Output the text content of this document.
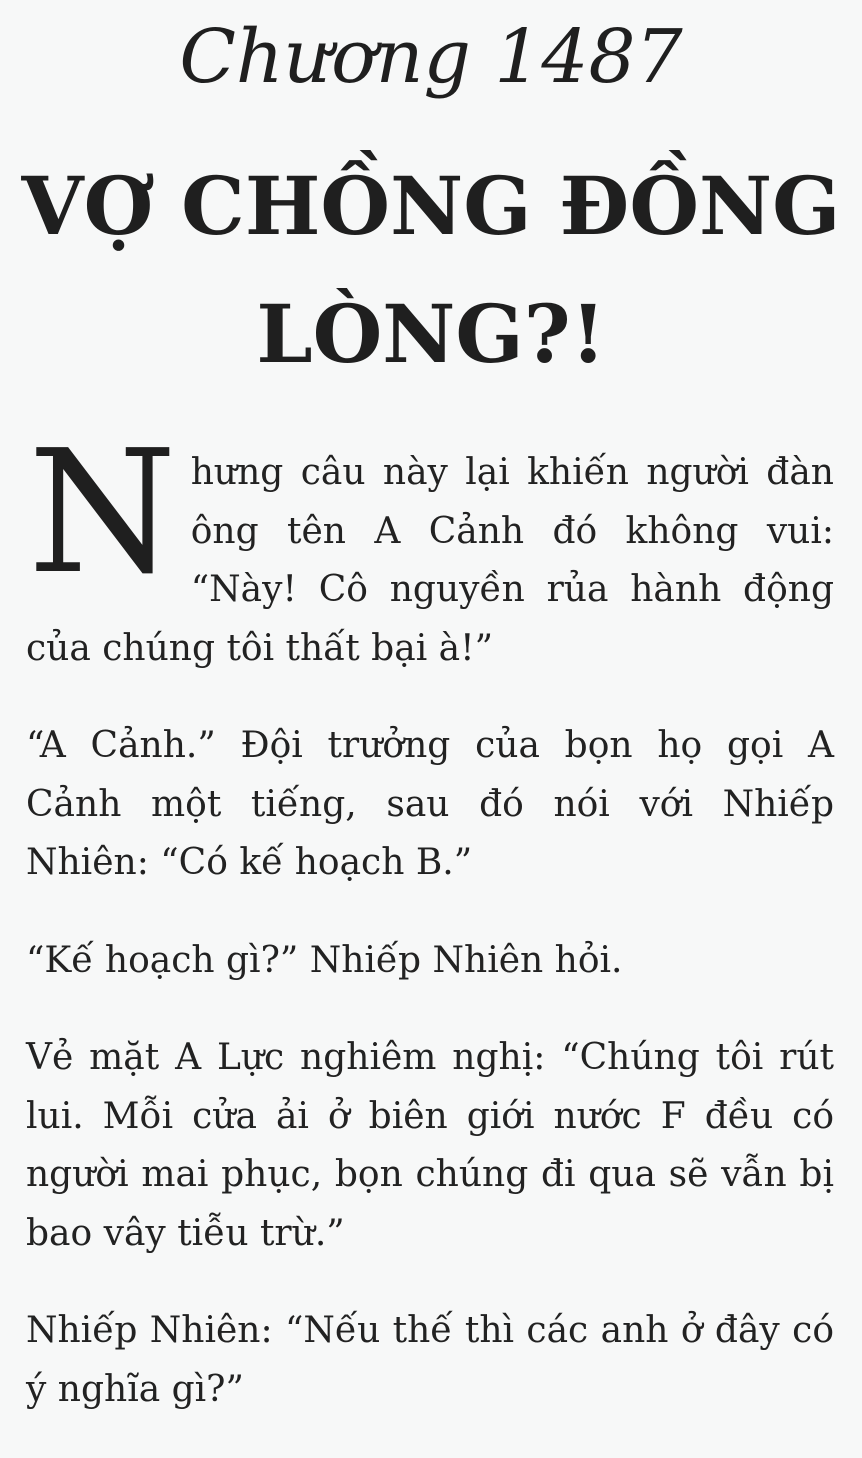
Chương 1487
VỢ CHỒNG ĐỒNG LÒNG?!

Nhưng câu này lại khiến người đàn ông tên A Cảnh đó không vui: “Này! Cô nguyền rủa hành động của chúng tôi thất bại à!”

“A Cảnh.” Đội trưởng của bọn họ gọi A Cảnh một tiếng, sau đó nói với Nhiếp Nhiên: “Có kế hoạch B.”

“Kế hoạch gì?” Nhiếp Nhiên hỏi.

Vẻ mặt A Lực nghiêm nghị: “Chúng tôi rút lui. Mỗi cửa ải ở biên giới nước F đều có người mai phục, bọn chúng đi qua sẽ vẫn bị bao vây tiễu trừ.”

Nhiếp Nhiên: “Nếu thế thì các anh ở đây có ý nghĩa gì?”
